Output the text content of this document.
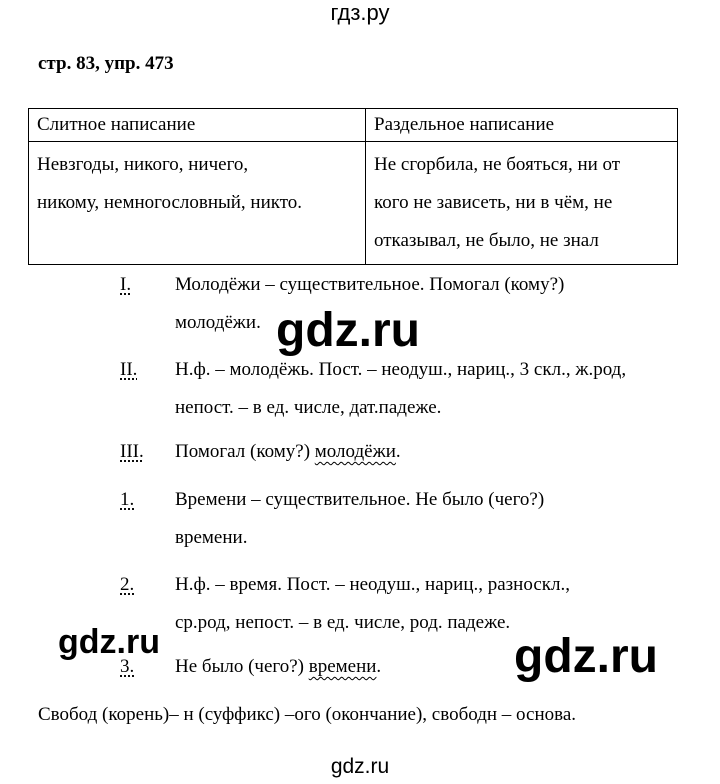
гдз.ру
стр. 83, упр. 473
Слитное написание	Раздельное написание

Невзгоды, никого, ничего,
никому, немногословный, никто.	Не сгорбила, не бояться, ни от
кого не зависеть, ни в чём, не
отказывал, не было, не знал
I. Молодёжи – существительное. Помогал (кому?)
молодёжи.
II. Н.ф. – молодёжь. Пост. – неодуш., нариц., 3 скл., ж.род,
непост. – в ед. числе, дат.падеже.
III. Помогал (кому?) молодёжи.
1. Времени – существительное. Не было (чего?)
времени.
2. Н.ф. – время. Пост. – неодуш., нариц., разноскл.,
ср.род, непост. – в ед. числе, род. падеже.
3. Не было (чего?) времени.
Свобод (корень)– н (суффикс) –ого (окончание), свободн – основа.
gdz.ru
gdz.ru	gdz.ru
gdz.ru
